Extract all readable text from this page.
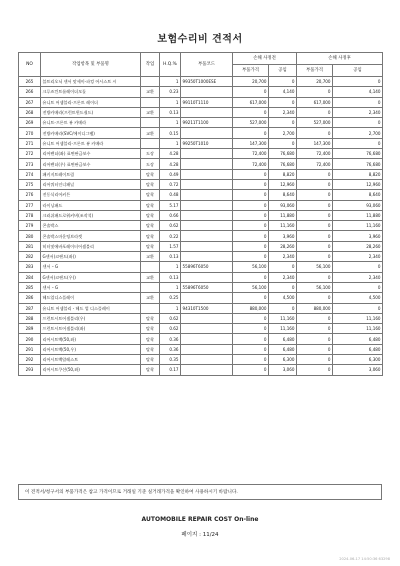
보험수리비 견적서
NO	작업항목 및 부품명	작업	H.Q.%	부품코드	손해 사정전		손해 사정후	
					부품가격	공임	부품가격	공임
265	블트리오닉 센서 앗세이-파킹 어시스트 시		1	99350T1000ESE	20,700	0	20,700	0
266	크루즈컨트롤레이더모듈	교환	0.23		0	4,140	0	4,140
267	유니트 어셈블리-프론트 레이더		1	99110T1110	617,000	0	617,000	0
268	전방카메라(프런트윈드쉴드)	교환	0.13		0	2,340	0	2,340
269	유니트-프론트 뷰 카메라		1	99211T1100	527,000	0	527,000	0
270	전방카메라(SVC/에이디그램)	교환	0.15		0	2,700	0	2,700
271	유니트 어셈블리-프론트 뷰 카메라		1	99250T1010	147,300	0	147,300	0
272	리어펜더(좌) 표면판금보수	도장	4.28		72,400	76,680	72,400	76,680
273	리어펜더(우) 표면판금보수	도장	4.28		72,400	76,680	72,400	76,680
274	패키지트레이트림	탈착	0.49		0	8,820	0	8,820
275	리어쿼터인너패널	탈착	0.72		0	12,960	0	12,960
276	전동식리어커튼	탈착	0.48		0	8,640	0	8,640
277	라이닝패드	탈착	5.17		0	93,060	0	93,060
278	크러쉬패드로워커버(조작석)	탈착	0.66		0	11,880	0	11,880
279	콘솔박스	탈착	0.62		0	11,160	0	11,160
280	콘솔박스마운팅브라켓	탈착	0.22		0	3,960	0	3,960
281	히터및에바포레이터어셈블리	탈착	1.57		0	28,260	0	28,260
282	G센서(코랜드(좌))	교환	0.13		0	2,340	0	2,340
283	센서 – G		1	55896T6050	56,100	0	56,100	0
284	G센서(코랜드(우))	교환	0.13		0	2,340	0	2,340
285	센서 – G		1	55896T6050	56,100	0	56,100	0
286	헤드업디스플레이	교환	0.25		0	4,500	0	4,500
287	유니트 어셈블리 - 헤드 업 디스플레이		1	94310T1500	880,000	0	880,000	0
288	프런트시트어셈블리(우)	탈착	0.62		0	11,160	0	11,160
289	프런트시트어셈블리(좌)	탈착	0.62		0	11,160	0	11,160
290	리어시트백(50,좌)	탈착	0.36		0	6,480	0	6,480
291	리어시트백(50,우)	탈착	0.36		0	6,480	0	6,480
292	리어시트백암레스트	탈착	0.35		0	6,300	0	6,300
293	리어시트쿠션(50,좌)	탈착	0.17		0	3,060	0	3,060
이 견적서/청구서의 부품가격은 참고 가격이므로 거래일 기준 실거래가격을 확인하여 사용하시기 바랍니다.
AUTOMOBILE REPAIR COST On-line
페이지 : 11/24
2024-06-17 14:50:36 63298
